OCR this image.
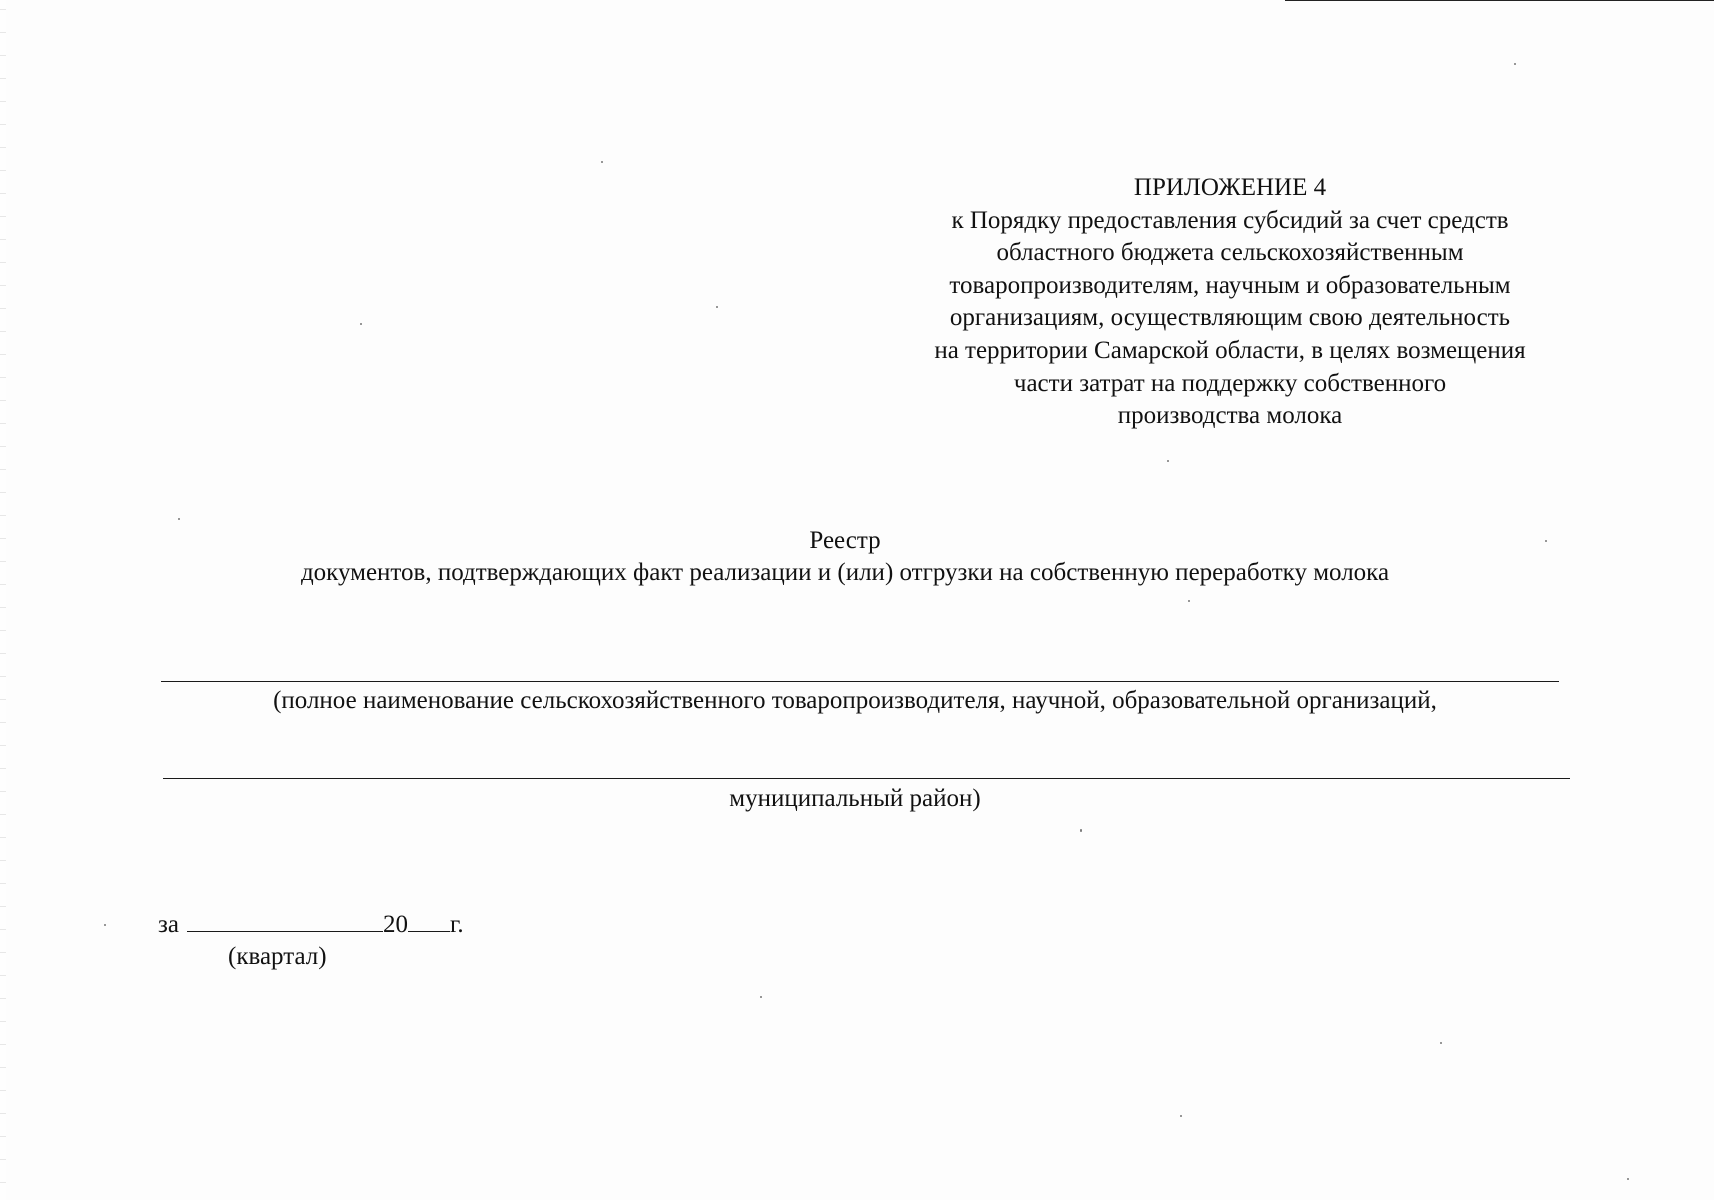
ПРИЛОЖЕНИЕ 4
к Порядку предоставления субсидий за счет средств
областного бюджета сельскохозяйственным
товаропроизводителям, научным и образовательным
организациям, осуществляющим свою деятельность
на территории Самарской области, в целях возмещения
части затрат на поддержку собственного
производства молока
Реестр
документов, подтверждающих факт реализации и (или) отгрузки на собственную переработку молока
(полное наименование сельскохозяйственного товаропроизводителя, научной, образовательной организаций,
муниципальный район)
за	20 г.
(квартал)
